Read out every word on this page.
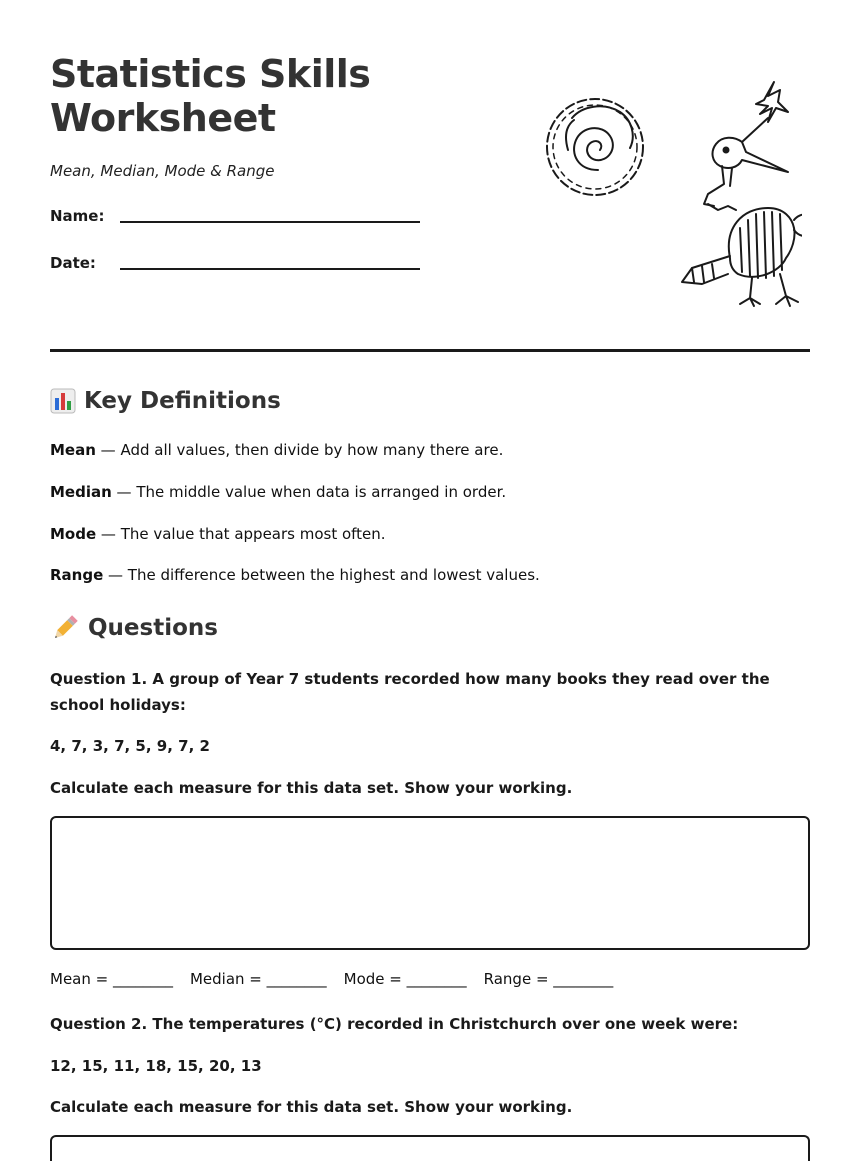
Statistics Skills
Worksheet
Mean, Median, Mode & Range
Name:
Date:
Key Definitions
Mean — Add all values, then divide by how many there are.
Median — The middle value when data is arranged in order.
Mode — The value that appears most often.
Range — The difference between the highest and lowest values.
Questions
Question 1. A group of Year 7 students recorded how many books they read over the school holidays:
4, 7, 3, 7, 5, 9, 7, 2
Calculate each measure for this data set. Show your working.
Mean = ________ Median = ________ Mode = ________ Range = ________
Question 2. The temperatures (°C) recorded in Christchurch over one week were:
12, 15, 11, 18, 15, 20, 13
Calculate each measure for this data set. Show your working.
